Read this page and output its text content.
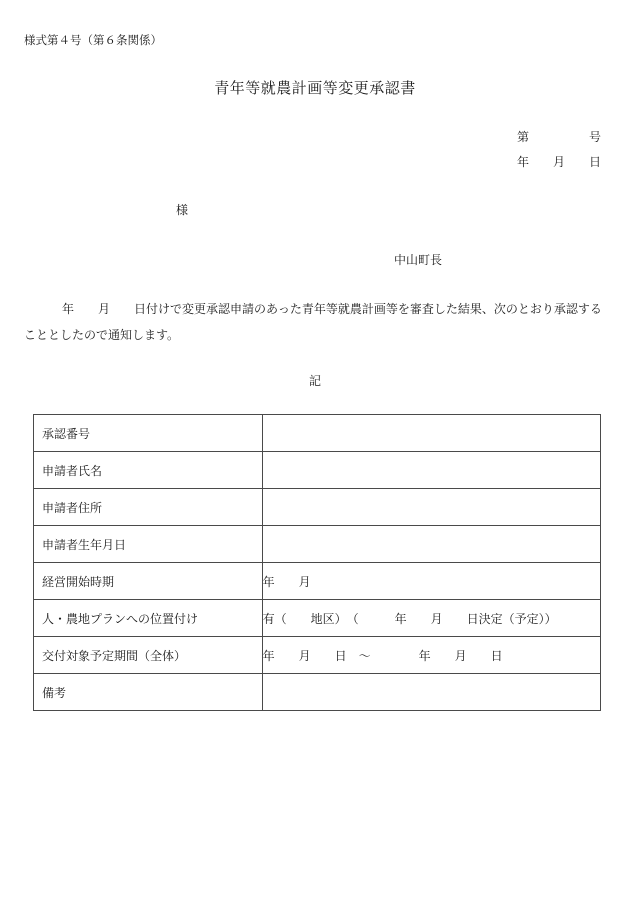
様式第４号（第６条関係）
青年等就農計画等変更承認書
第　　　　　号
年　　月　　日
様
中山町長
年　　月　　日付けで変更承認申請のあった青年等就農計画等を審査した結果、次のとおり承認することとしたので通知します。
記
承認番号	
申請者氏名	
申請者住所	
申請者生年月日	
経営開始時期	年　　月
人・農地プランへの位置付け	有（　　地区）　（　　　年　　月　　日決定（予定））
交付対象予定期間（全体）	年　　月　　日　～　　　　年　　月　　日
備考	
